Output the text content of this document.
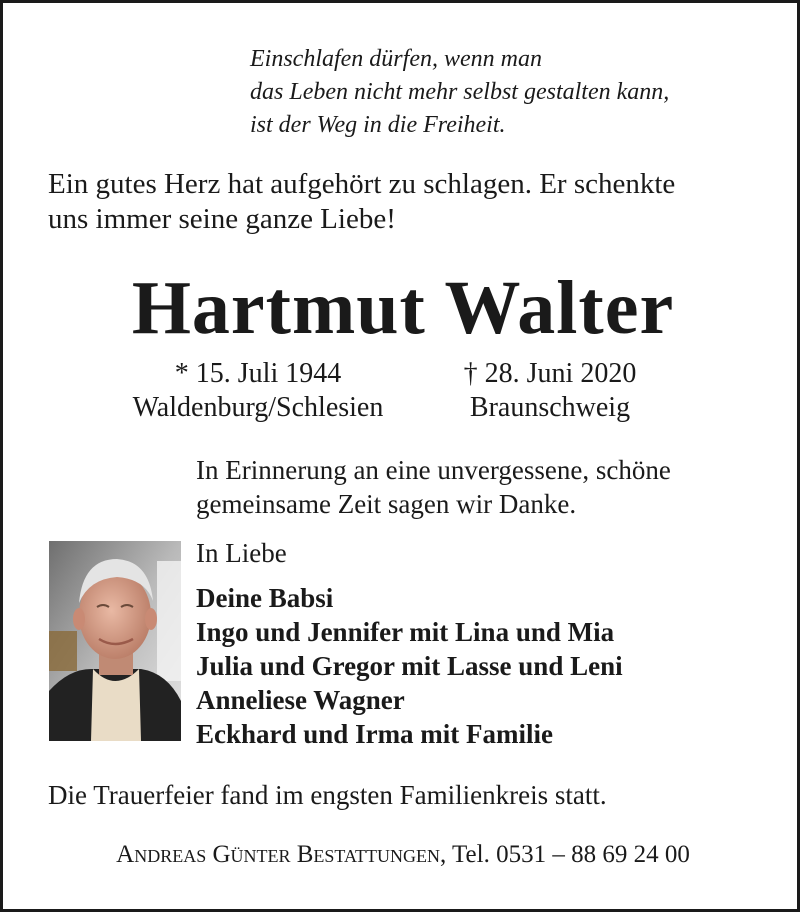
Einschlafen dürfen, wenn man
das Leben nicht mehr selbst gestalten kann,
ist der Weg in die Freiheit.
Ein gutes Herz hat aufgehört zu schlagen. Er schenkte
uns immer seine ganze Liebe!
Hartmut Walter
* 15. Juli 1944
Waldenburg/Schlesien
† 28. Juni 2020
Braunschweig
In Erinnerung an eine unvergessene, schöne
gemeinsame Zeit sagen wir Danke.
In Liebe
Deine Babsi
Ingo und Jennifer mit Lina und Mia
Julia und Gregor mit Lasse und Leni
Anneliese Wagner
Eckhard und Irma mit Familie
Die Trauerfeier fand im engsten Familienkreis statt.
Andreas Günter Bestattungen, Tel. 0531 – 88 69 24 00
